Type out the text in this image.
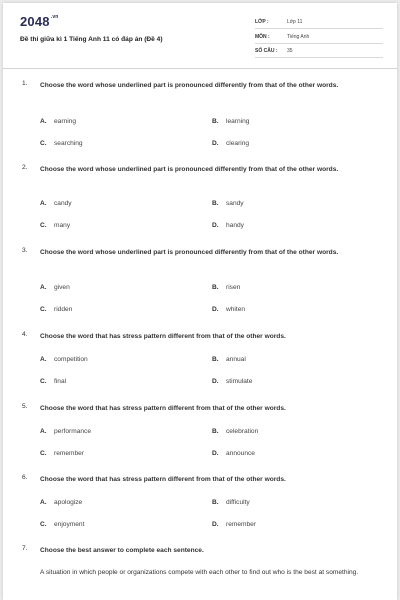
$2048^{.vn}$
Đề thi giữa kì 1 Tiếng Anh 11 có đáp án (Đề 4)
LỚP :	Lớp 11
MÔN :	Tiếng Anh
SỐ CÂU : 35
1. Choose the word whose underlined part is pronounced differently from that of the other words.
A. earning	B. learning
C. searching	D. clearing
2. Choose the word whose underlined part is pronounced differently from that of the other words.
A. candy	B. sandy
C. many	D. handy
3. Choose the word whose underlined part is pronounced differently from that of the other words.
A. given	B. risen
C. ridden	D. whiten
4. Choose the word that has stress pattern different from that of the other words.
A. competition	B. annual
C. final	D. stimulate
5. Choose the word that has stress pattern different from that of the other words.
A. performance	B. celebration
C. remember	D. announce
6. Choose the word that has stress pattern different from that of the other words.
A. apologize	B. difficulty
C. enjoyment	D. remember
7. Choose the best answer to complete each sentence.
A situation in which people or organizations compete with each other to find out who is the best at something.
